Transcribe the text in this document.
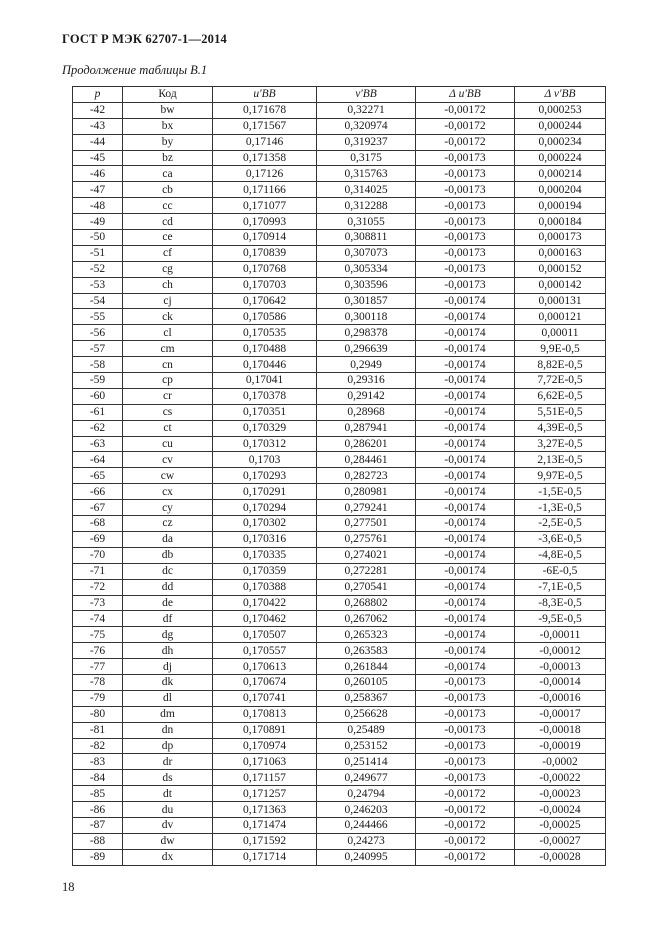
ГОСТ Р МЭК 62707-1—2014
Продолжение таблицы В.1
p	Код	u'BB	v'BB	Δ u'BB	Δ v'BB
-42	bw	0,171678	0,32271	-0,00172	0,000253
-43	bx	0,171567	0,320974	-0,00172	0,000244
-44	by	0,17146	0,319237	-0,00172	0,000234
-45	bz	0,171358	0,3175	-0,00173	0,000224
-46	ca	0,17126	0,315763	-0,00173	0,000214
-47	cb	0,171166	0,314025	-0,00173	0,000204
-48	cc	0,171077	0,312288	-0,00173	0,000194
-49	cd	0,170993	0,31055	-0,00173	0,000184
-50	ce	0,170914	0,308811	-0,00173	0,000173
-51	cf	0,170839	0,307073	-0,00173	0,000163
-52	cg	0,170768	0,305334	-0,00173	0,000152
-53	ch	0,170703	0,303596	-0,00173	0,000142
-54	cj	0,170642	0,301857	-0,00174	0,000131
-55	ck	0,170586	0,300118	-0,00174	0,000121
-56	cl	0,170535	0,298378	-0,00174	0,00011
-57	cm	0,170488	0,296639	-0,00174	9,9E-0,5
-58	cn	0,170446	0,2949	-0,00174	8,82E-0,5
-59	cp	0,17041	0,29316	-0,00174	7,72E-0,5
-60	cr	0,170378	0,29142	-0,00174	6,62E-0,5
-61	cs	0,170351	0,28968	-0,00174	5,51E-0,5
-62	ct	0,170329	0,287941	-0,00174	4,39E-0,5
-63	cu	0,170312	0,286201	-0,00174	3,27E-0,5
-64	cv	0,1703	0,284461	-0,00174	2,13E-0,5
-65	cw	0,170293	0,282723	-0,00174	9,97E-0,5
-66	cx	0,170291	0,280981	-0,00174	-1,5E-0,5
-67	cy	0,170294	0,279241	-0,00174	-1,3E-0,5
-68	cz	0,170302	0,277501	-0,00174	-2,5E-0,5
-69	da	0,170316	0,275761	-0,00174	-3,6E-0,5
-70	db	0,170335	0,274021	-0,00174	-4,8E-0,5
-71	dc	0,170359	0,272281	-0,00174	-6E-0,5
-72	dd	0,170388	0,270541	-0,00174	-7,1E-0,5
-73	de	0,170422	0,268802	-0,00174	-8,3E-0,5
-74	df	0,170462	0,267062	-0,00174	-9,5E-0,5
-75	dg	0,170507	0,265323	-0,00174	-0,00011
-76	dh	0,170557	0,263583	-0,00174	-0,00012
-77	dj	0,170613	0,261844	-0,00174	-0,00013
-78	dk	0,170674	0,260105	-0,00173	-0,00014
-79	dl	0,170741	0,258367	-0,00173	-0,00016
-80	dm	0,170813	0,256628	-0,00173	-0,00017
-81	dn	0,170891	0,25489	-0,00173	-0,00018
-82	dp	0,170974	0,253152	-0,00173	-0,00019
-83	dr	0,171063	0,251414	-0,00173	-0,0002
-84	ds	0,171157	0,249677	-0,00173	-0,00022
-85	dt	0,171257	0,24794	-0,00172	-0,00023
-86	du	0,171363	0,246203	-0,00172	-0,00024
-87	dv	0,171474	0,244466	-0,00172	-0,00025
-88	dw	0,171592	0,24273	-0,00172	-0,00027
-89	dx	0,171714	0,240995	-0,00172	-0,00028
18
